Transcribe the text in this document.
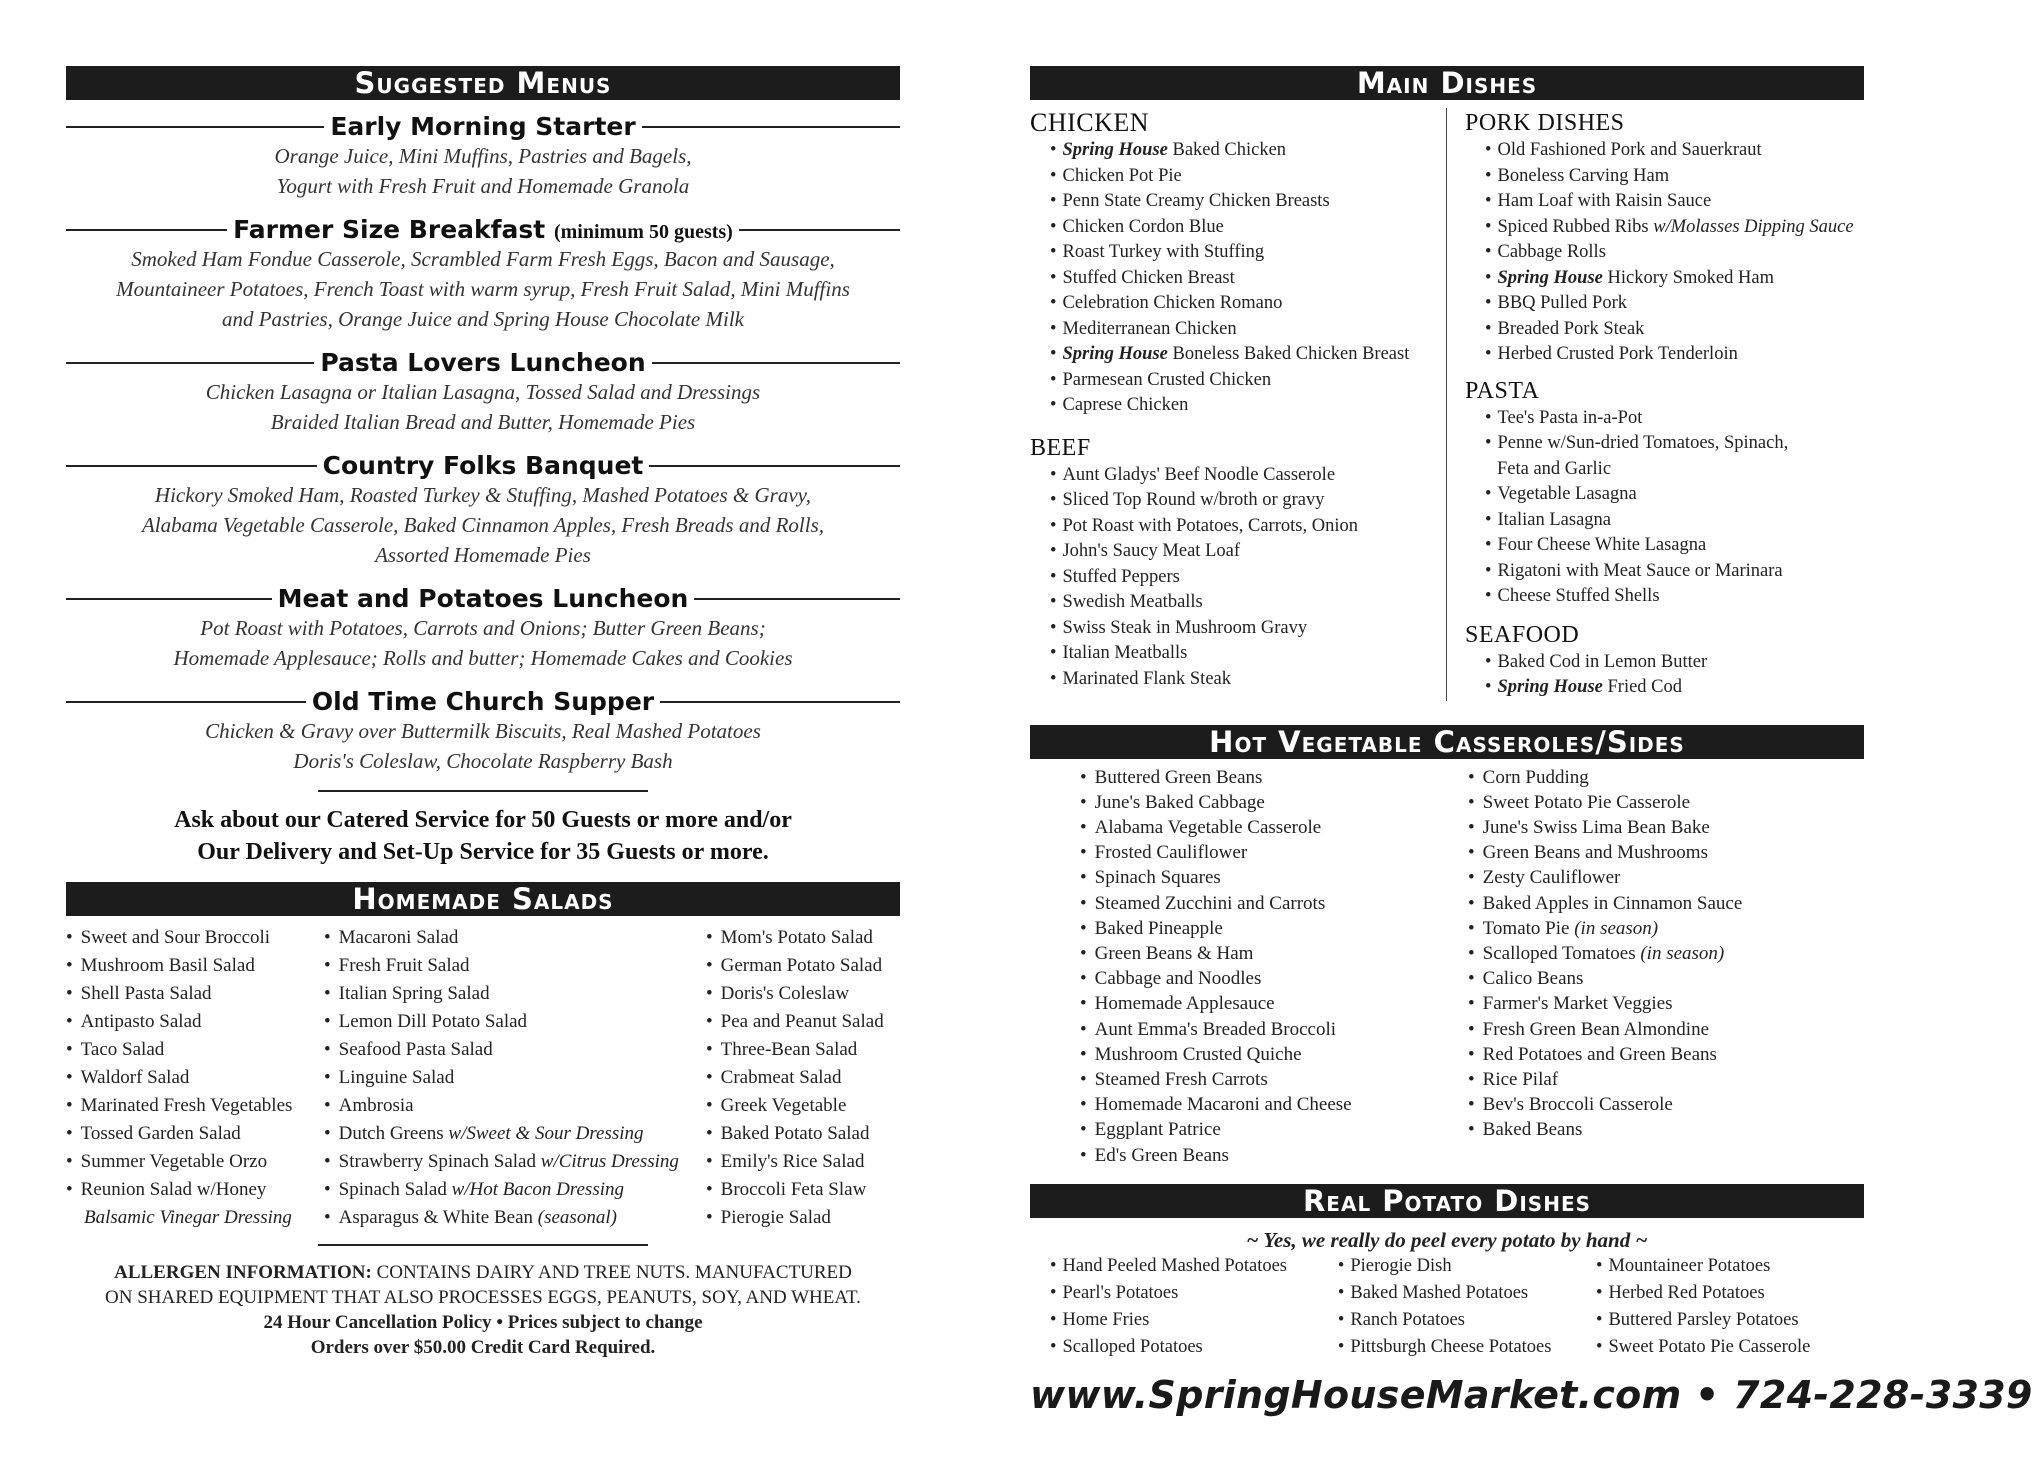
Suggested Menus
Early Morning Starter
Orange Juice, Mini Muffins, Pastries and Bagels,
Yogurt with Fresh Fruit and Homemade Granola
Farmer Size Breakfast (minimum 50 guests)
Smoked Ham Fondue Casserole, Scrambled Farm Fresh Eggs, Bacon and Sausage,
Mountaineer Potatoes, French Toast with warm syrup, Fresh Fruit Salad, Mini Muffins
and Pastries, Orange Juice and Spring House Chocolate Milk
Pasta Lovers Luncheon
Chicken Lasagna or Italian Lasagna, Tossed Salad and Dressings
Braided Italian Bread and Butter, Homemade Pies
Country Folks Banquet
Hickory Smoked Ham, Roasted Turkey & Stuffing, Mashed Potatoes & Gravy,
Alabama Vegetable Casserole, Baked Cinnamon Apples, Fresh Breads and Rolls,
Assorted Homemade Pies
Meat and Potatoes Luncheon
Pot Roast with Potatoes, Carrots and Onions; Butter Green Beans;
Homemade Applesauce; Rolls and butter; Homemade Cakes and Cookies
Old Time Church Supper
Chicken & Gravy over Buttermilk Biscuits, Real Mashed Potatoes
Doris's Coleslaw, Chocolate Raspberry Bash
Ask about our Catered Service for 50 Guests or more and/or
Our Delivery and Set-Up Service for 35 Guests or more.
Homemade Salads
• Sweet and Sour Broccoli
• Mushroom Basil Salad
• Shell Pasta Salad
• Antipasto Salad
• Taco Salad
• Waldorf Salad
• Marinated Fresh Vegetables
• Tossed Garden Salad
• Summer Vegetable Orzo
• Reunion Salad w/Honey
Balsamic Vinegar Dressing
• Macaroni Salad
• Fresh Fruit Salad
• Italian Spring Salad
• Lemon Dill Potato Salad
• Seafood Pasta Salad
• Linguine Salad
• Ambrosia
• Dutch Greens w/Sweet & Sour Dressing
• Strawberry Spinach Salad w/Citrus Dressing
• Spinach Salad w/Hot Bacon Dressing
• Asparagus & White Bean (seasonal)
• Mom's Potato Salad
• German Potato Salad
• Doris's Coleslaw
• Pea and Peanut Salad
• Three-Bean Salad
• Crabmeat Salad
• Greek Vegetable
• Baked Potato Salad
• Emily's Rice Salad
• Broccoli Feta Slaw
• Pierogie Salad
ALLERGEN INFORMATION: CONTAINS DAIRY AND TREE NUTS. MANUFACTURED
ON SHARED EQUIPMENT THAT ALSO PROCESSES EGGS, PEANUTS, SOY, AND WHEAT.
24 Hour Cancellation Policy • Prices subject to change
Orders over $50.00 Credit Card Required.
Main Dishes
CHICKEN
• Spring House Baked Chicken
• Chicken Pot Pie
• Penn State Creamy Chicken Breasts
• Chicken Cordon Blue
• Roast Turkey with Stuffing
• Stuffed Chicken Breast
• Celebration Chicken Romano
• Mediterranean Chicken
• Spring House Boneless Baked Chicken Breast
• Parmesean Crusted Chicken
• Caprese Chicken
BEEF
• Aunt Gladys' Beef Noodle Casserole
• Sliced Top Round w/broth or gravy
• Pot Roast with Potatoes, Carrots, Onion
• John's Saucy Meat Loaf
• Stuffed Peppers
• Swedish Meatballs
• Swiss Steak in Mushroom Gravy
• Italian Meatballs
• Marinated Flank Steak
PORK DISHES
• Old Fashioned Pork and Sauerkraut
• Boneless Carving Ham
• Ham Loaf with Raisin Sauce
• Spiced Rubbed Ribs w/Molasses Dipping Sauce
• Cabbage Rolls
• Spring House Hickory Smoked Ham
• BBQ Pulled Pork
• Breaded Pork Steak
• Herbed Crusted Pork Tenderloin
PASTA
• Tee's Pasta in-a-Pot
• Penne w/Sun-dried Tomatoes, Spinach,
Feta and Garlic
• Vegetable Lasagna
• Italian Lasagna
• Four Cheese White Lasagna
• Rigatoni with Meat Sauce or Marinara
• Cheese Stuffed Shells
SEAFOOD
• Baked Cod in Lemon Butter
• Spring House Fried Cod
Hot Vegetable Casseroles/Sides
• Buttered Green Beans
• June's Baked Cabbage
• Alabama Vegetable Casserole
• Frosted Cauliflower
• Spinach Squares
• Steamed Zucchini and Carrots
• Baked Pineapple
• Green Beans & Ham
• Cabbage and Noodles
• Homemade Applesauce
• Aunt Emma's Breaded Broccoli
• Mushroom Crusted Quiche
• Steamed Fresh Carrots
• Homemade Macaroni and Cheese
• Eggplant Patrice
• Ed's Green Beans
• Corn Pudding
• Sweet Potato Pie Casserole
• June's Swiss Lima Bean Bake
• Green Beans and Mushrooms
• Zesty Cauliflower
• Baked Apples in Cinnamon Sauce
• Tomato Pie (in season)
• Scalloped Tomatoes (in season)
• Calico Beans
• Farmer's Market Veggies
• Fresh Green Bean Almondine
• Red Potatoes and Green Beans
• Rice Pilaf
• Bev's Broccoli Casserole
• Baked Beans
Real Potato Dishes
~ Yes, we really do peel every potato by hand ~
• Hand Peeled Mashed Potatoes
• Pearl's Potatoes
• Home Fries
• Scalloped Potatoes
• Pierogie Dish
• Baked Mashed Potatoes
• Ranch Potatoes
• Pittsburgh Cheese Potatoes
• Mountaineer Potatoes
• Herbed Red Potatoes
• Buttered Parsley Potatoes
• Sweet Potato Pie Casserole
www.SpringHouseMarket.com • 724-228-3339
